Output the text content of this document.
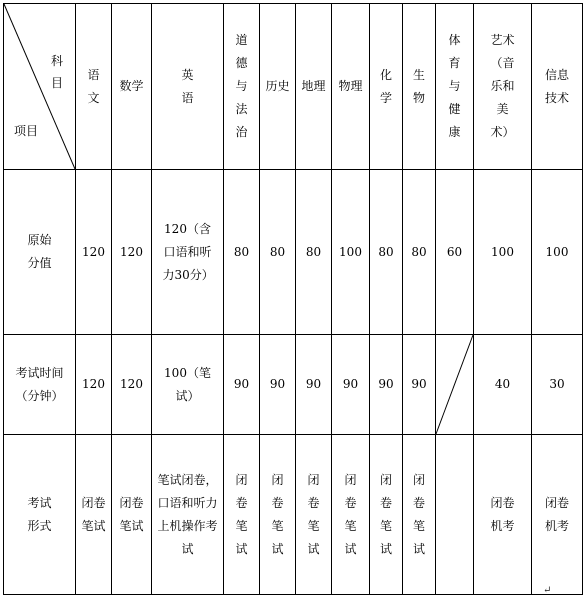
科目
项目	语文	数学	英语	道德与法治	历史	地理	物理	化学	生物	体育与健康	艺术（音乐和美术）	信息技术
原始分值	120	120	120（含口语和听力30分）	80	80	80	100	80	80	60	100	100
考试时间（分钟）	120	120	100（笔试）	90	90	90	90	90	90		40	30
考试形式	闭卷笔试	闭卷笔试	笔试闭卷，口语和听力上机操作考试	闭卷笔试	闭卷笔试	闭卷笔试	闭卷笔试	闭卷笔试	闭卷笔试		闭卷机考	闭卷机考
↵
